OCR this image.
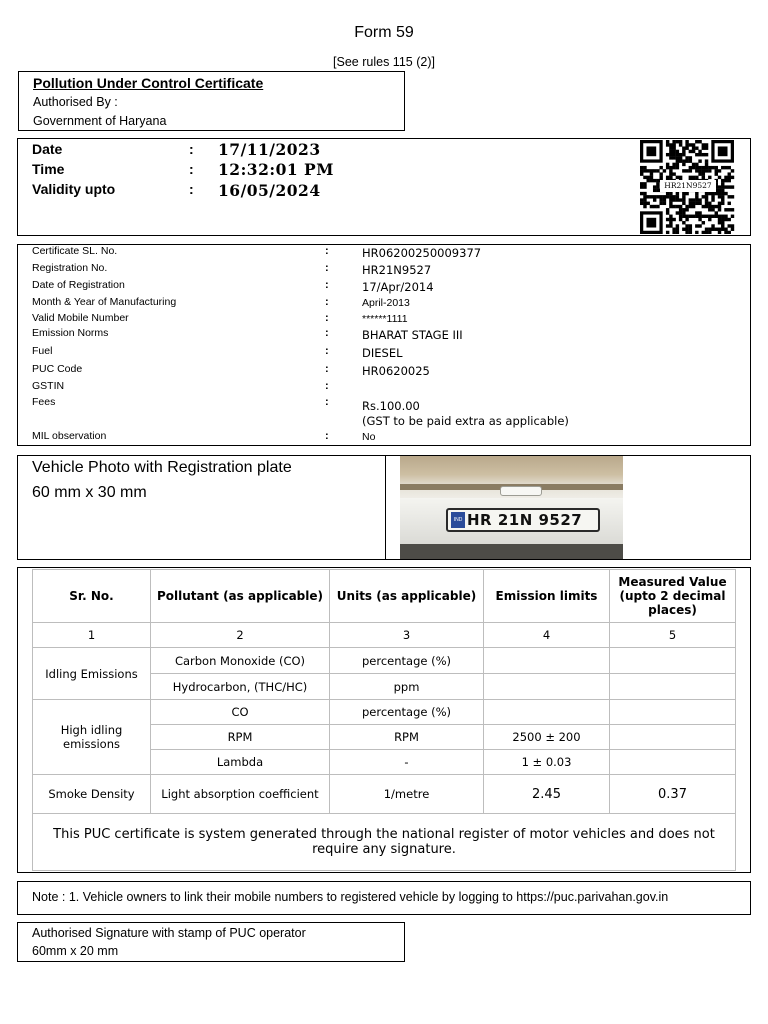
Form 59
[See rules 115 (2)]
Pollution Under Control Certificate
Authorised By :
Government of Haryana
Date	: 17/11/2023
Time	: 12:32:01 PM
Validity upto	: 16/05/2024	HR21N9527
Certificate SL. No.	:	HR06200250009377
Registration No.	:	HR21N9527
Date of Registration	:	17/Apr/2014
Month & Year of Manufacturing	:	April-2013
Valid Mobile Number	:	******1111
Emission Norms	:	BHARAT STAGE III
Fuel	:	DIESEL
PUC Code	:	HR0620025
GSTIN	:
Fees	:	Rs.100.00
(GST to be paid extra as applicable)
MIL observation	:	No
Vehicle Photo with Registration plate
60 mm x 30 mm
IND HR 21N 9527
Sr. No.	Pollutant (as applicable)	Units (as applicable)	Emission limits	Measured Value (upto 2 decimal places)
1	2	3	4	5
Idling Emissions	Carbon Monoxide (CO)	percentage (%)		
	Hydrocarbon, (THC/HC)	ppm		
High idling emissions	CO	percentage (%)		
	RPM	RPM	2500 ± 200	
	Lambda	-	1 ± 0.03	
Smoke Density	Light absorption coefficient	1/metre	2.45	0.37
This PUC certificate is system generated through the national register of motor vehicles and does not require any signature.				
Note : 1. Vehicle owners to link their mobile numbers to registered vehicle by logging to https://puc.parivahan.gov.in
Authorised Signature with stamp of PUC operator
60mm x 20 mm
